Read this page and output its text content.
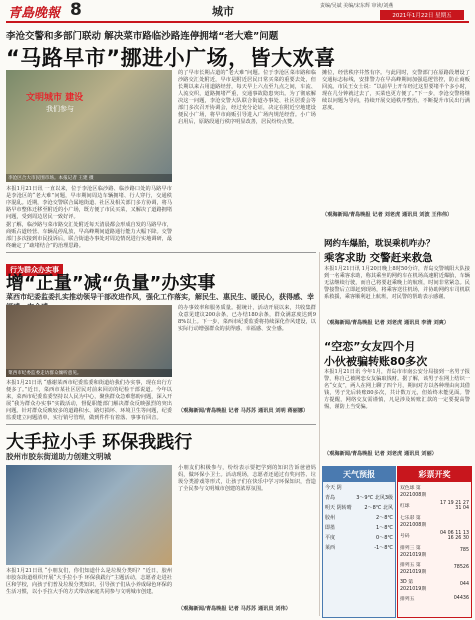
青島晚報 8	城市	责编/吴斌 美编/宋东辉 审读/刘燕
2021年1月22日 星期五
李沧交警和多部门联动 解决菜市路临沙路连停拥堵“老大难”问题
“马路早市”挪进小广场，皆大欢喜
文明城市 建设
我们参与
李沧区合大市民围市场。本报记者 王建 摄
本报1月21日讯 一直以来，位于李沧区临沙路、临沙路口处的马路早市是李沧区的“老大难”问题，早市期间周边车辆拥堵、行人穿行，交通秩序混乱。近期，李沧交警联合属地街道、社区及相关部门多方协调，将马路早市整体迁移至附近的小广场，既方便了市民买菜，又解决了道路拥堵问题，受到周边居民一致好评。
据了解，临沙路与菜市路交汇处附近每天清晨都会形成自发的马路早市，商贩占道经营、车辆乱停乱放，早高峰期间道路通行能力大幅下降。交警部门多次接到市民投诉后，联合街道办事处对周边情况进行实地调研，最终确定了“疏堵结合”的治理思路。
的了早市长期占道的“老大难”问题。位于李沧区菜市路和临沙路交汇处附近，早市是附近居民日常买菜的重要去处，但长期以来占用道路经营，每天早上六点至九点之间，车流、人流交织，道路拥堵严重，交通事故隐患突出。为了彻底解决这一问题，李沧交警大队联合街道办事处、社区居委会等部门多次召开协调会，经过充分论证，决定在附近空地建设便民小广场，将早市商贩引导进入广场内规范经营。小广场启用后，原路段通行秩序明显改善，居民纷纷点赞。
摊位，经营秩序井然有序。与此同时，交警部门在原路段增设了交通标志标线，安排警力在早高峰期间加强巡逻管控，防止商贩回流。市民王女士说：“以前早上开车经过这里要堵半个多小时，现在几分钟就过去了，买菜也更方便了。”下一步，李沧交警将继续以问题为导向，持续开展交通秩序整治，不断提升市民出行满意度。
（观海新闻/青岛晚报 记者 刘老虎 通讯员 刘波 王伟伟）
行为群众办实事
增“正量”减“负量”办实事
菜西市纪委监委扎实推动领导干部改进作风，强化工作落实，解民生、惠民生、暖民心，获得感、幸
菜西市纪委监委走访群众倾听意见。
本报1月21日讯 “感谢菜西市纪委监委和街道给我们办实事，现在出行方便多了。”近日，菜西市某社区居民对前来回访的纪检干部说道。今年以来，菜西市纪委监委坚持以人民为中心，聚焦群众急难愁盼问题，深入开展“我为群众办实事”实践活动，督促职能部门解决群众反映强烈的突出问题。针对群众反映较多的道路积水、路灯损坏、环境卫生等问题，纪委监委建立问题清单，实行销号管理，做到件件有着落、事事有回音。
的办事效率和服务质量。据统计，活动开展以来，共收集群众意见建议200余条，已办结180余条，群众满意度达到98%以上。下一步，菜西市纪委监委将持续深化作风建设，以实际行动增强群众的获得感、幸福感、安全感。
（观海新闻/青岛晚报 记者 马苏苏 通讯员 刘明 蒋丽娜）
大手拉小手 环保我践行
胶州市胶东街道助力创建文明城
本报1月21日讯 “小朋友们，你们知道什么是垃圾分类吗？”近日，胶州市胶东街道组织开展“大手拉小手 环保我践行”主题活动，志愿者走进社区和学校，向孩子们普及垃圾分类知识，引导孩子们从小养成绿色环保的生活习惯，以小手拉大手的方式带动家庭共同参与文明城市创建。
小朋友们积极参与，纷纷表示要把学到的知识告诉爸爸妈妈，做环保小卫士。活动现场，志愿者还通过有奖问答、垃圾分类游戏等形式，让孩子们在快乐中学习环保知识，营造了全民参与文明城市创建的浓厚氛围。
（观海新闻/青岛晚报 记者 马苏苏 通讯员 刘伟）
网约车爆胎，耽误乘机咋办？
乘客求助 交警赶来救急
本报1月21日讯 1月20日晚上8时50分许，青岛交警城阳大队接到一名乘客求助，称其乘坐的网约车在机场高速附近爆胎，车辆无法继续行驶，而自己将要赶乘晚上的航班，时间非常紧急。民警接警后立即赶到现场，将乘客送往机场，并协助网约车司机联系救援，乘客顺利赶上航班，对民警的帮助表示感谢。
（观海新闻/青岛晚报 记者 刘老虎 通讯员 李清 刘爽）
“空恋”女友四个月
小伙被骗转账80多次
本报1月21日讯 今年1月，青岛市市南公安分局接到一名男子报警，称自己被网恋女友骗取钱财。据了解，该男子在网上结识一名“女友”，两人在网上聊了四个月，期间对方以各种理由向其借钱，男子先后转账80多次，共计数万元，但始终未能见面。警方提醒，网络交友需谨慎，凡是涉及转账汇款的一定要提高警惕，谨防上当受骗。
（观海新闻/青岛晚报 记者 刘老虎 通讯员 刘丽）
天气预报
今天 阴	
青岛	3～9℃ 北风3级
明天 阴转晴	2～8℃ 北风
胶州	2～8℃
即墨	1～8℃
平度	0～8℃
莱西	-1～8℃
彩票开奖
双色球 第2021008期	
红球	17 19 21 27 31 04
七乐彩 第2021008期	
号码	04 06 11 13 16 26 30
排列三 第2021019期	785
排列五 第2021019期	78526
3D 第2021019期	044
排列五	04436
